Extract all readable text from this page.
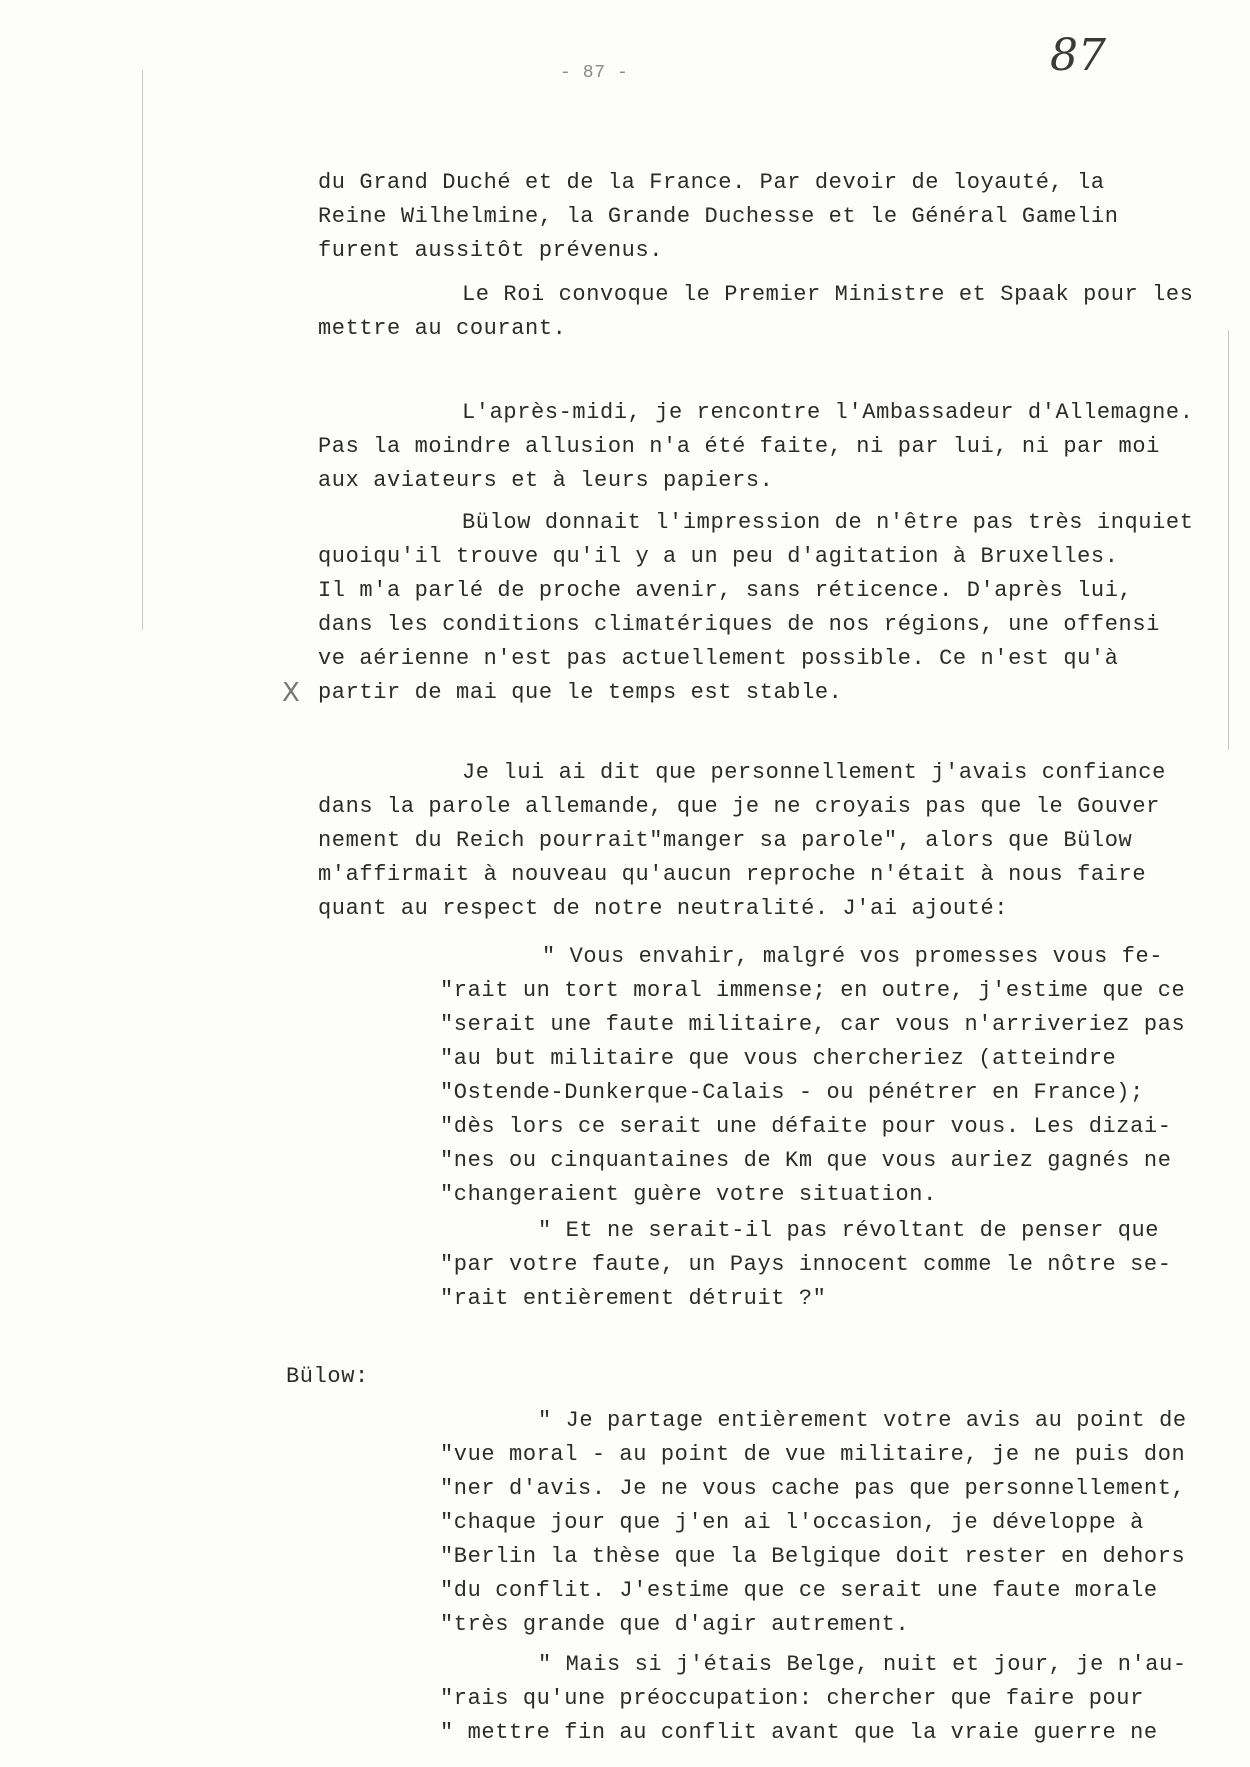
- 87 -	87
du Grand Duché et de la France. Par devoir de loyauté, la
Reine Wilhelmine, la Grande Duchesse et le Général Gamelin
furent aussitôt prévenus.
Le Roi convoque le Premier Ministre et Spaak pour les
mettre au courant.
L'après-midi, je rencontre l'Ambassadeur d'Allemagne.
Pas la moindre allusion n'a été faite, ni par lui, ni par moi
aux aviateurs et à leurs papiers.
Bülow donnait l'impression de n'être pas très inquiet
quoiqu'il trouve qu'il y a un peu d'agitation à Bruxelles.
Il m'a parlé de proche avenir, sans réticence. D'après lui,
dans les conditions climatériques de nos régions, une offensi
ve aérienne n'est pas actuellement possible. Ce n'est qu'à
partir de mai que le temps est stable.
X
Je lui ai dit que personnellement j'avais confiance
dans la parole allemande, que je ne croyais pas que le Gouver
nement du Reich pourrait"manger sa parole", alors que Bülow
m'affirmait à nouveau qu'aucun reproche n'était à nous faire
quant au respect de notre neutralité. J'ai ajouté:
" Vous envahir, malgré vos promesses vous fe-
"rait un tort moral immense; en outre, j'estime que ce
"serait une faute militaire, car vous n'arriveriez pas
"au but militaire que vous chercheriez (atteindre
"Ostende-Dunkerque-Calais - ou pénétrer en France);
"dès lors ce serait une défaite pour vous. Les dizai-
"nes ou cinquantaines de Km que vous auriez gagnés ne
"changeraient guère votre situation.
" Et ne serait-il pas révoltant de penser que
"par votre faute, un Pays innocent comme le nôtre se-
"rait entièrement détruit ?"
Bülow:
" Je partage entièrement votre avis au point de
"vue moral - au point de vue militaire, je ne puis don
"ner d'avis. Je ne vous cache pas que personnellement,
"chaque jour que j'en ai l'occasion, je développe à
"Berlin la thèse que la Belgique doit rester en dehors
"du conflit. J'estime que ce serait une faute morale
"très grande que d'agir autrement.
" Mais si j'étais Belge, nuit et jour, je n'au-
"rais qu'une préoccupation: chercher que faire pour
" mettre fin au conflit avant que la vraie guerre ne
